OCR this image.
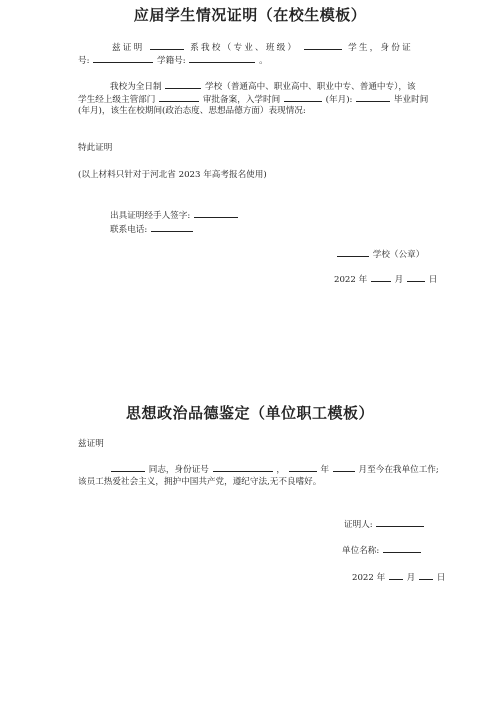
应届学生情况证明（在校生模板）
兹证明	系我校（专业、班级）	学生，身份证
号:	学籍号:	。
我校为全日制	学校（普通高中、职业高中、职业中专、普通中专），该
学生经上级主管部门	审批备案，入学时间	(年月):	毕业时间
(年月)，该生在校期间(政治态度、思想品德方面）表现情况:
特此证明
(以上材料只针对于河北省 2023 年高考报名使用)
出具证明经手人签字:
联系电话:
学校（公章）
2022 年	月	日
思想政治品德鉴定（单位职工模板）
兹证明
同志，身份证号	，	年	月至今在我单位工作;
该员工热爱社会主义，拥护中国共产党，遵纪守法,无不良嗜好。
证明人:
单位名称:
2022 年 月 日
